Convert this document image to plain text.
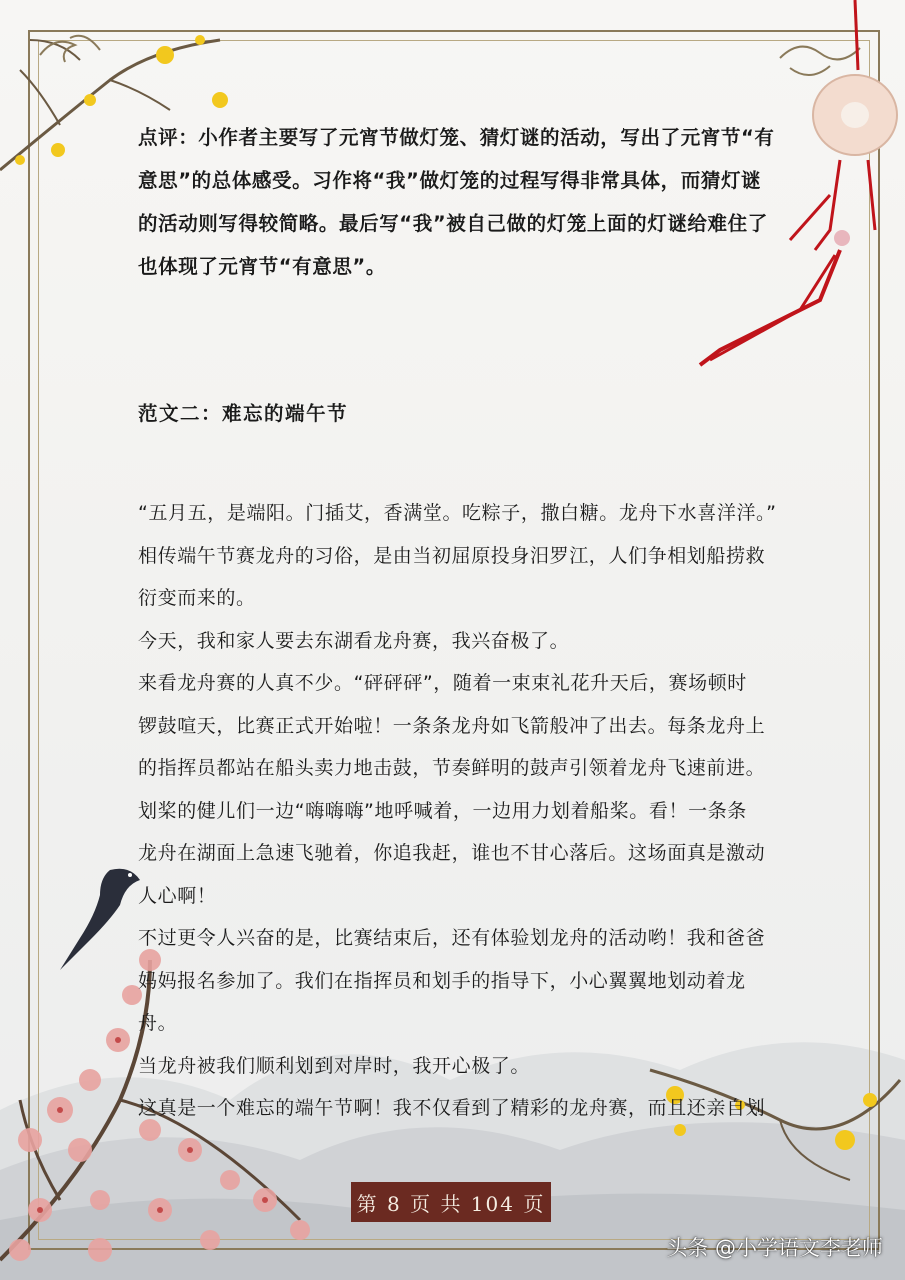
点评：小作者主要写了元宵节做灯笼、猜灯谜的活动，写出了元宵节“有
意思”的总体感受。习作将“我”做灯笼的过程写得非常具体，而猜灯谜
的活动则写得较简略。最后写“我”被自己做的灯笼上面的灯谜给难住了
也体现了元宵节“有意思”。
范文二：难忘的端午节
“五月五，是端阳。门插艾，香满堂。吃粽子，撒白糖。龙舟下水喜洋洋。”
相传端午节赛龙舟的习俗，是由当初屈原投身汨罗江，人们争相划船捞救
衍变而来的。
今天，我和家人要去东湖看龙舟赛，我兴奋极了。
来看龙舟赛的人真不少。“砰砰砰”，随着一束束礼花升天后，赛场顿时
锣鼓喧天，比赛正式开始啦！一条条龙舟如飞箭般冲了出去。每条龙舟上
的指挥员都站在船头卖力地击鼓，节奏鲜明的鼓声引领着龙舟飞速前进。
划桨的健儿们一边“嗨嗨嗨”地呼喊着，一边用力划着船桨。看！一条条
龙舟在湖面上急速飞驰着，你追我赶，谁也不甘心落后。这场面真是激动
人心啊！
不过更令人兴奋的是，比赛结束后，还有体验划龙舟的活动哟！我和爸爸
妈妈报名参加了。我们在指挥员和划手的指导下，小心翼翼地划动着龙舟。
当龙舟被我们顺利划到对岸时，我开心极了。
这真是一个难忘的端午节啊！我不仅看到了精彩的龙舟赛，而且还亲自划
第 8 页 共 104 页
头条 @小学语文李老师
